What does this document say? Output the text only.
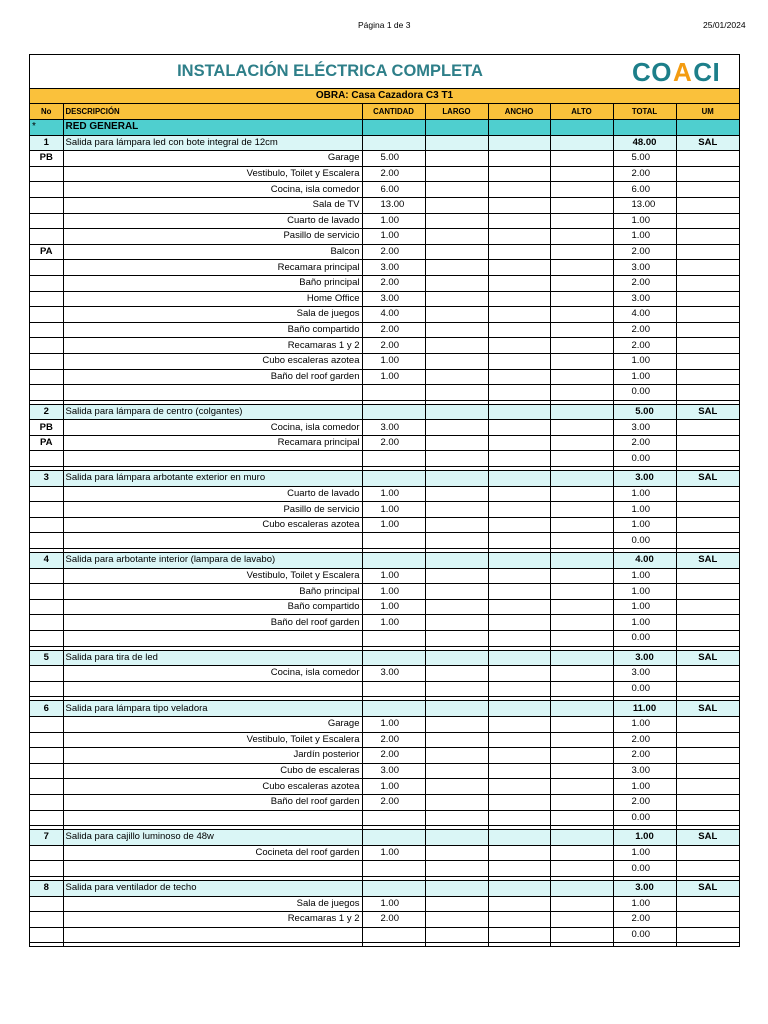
Página 1 de 3	25/01/2024
INSTALACIÓN ELÉCTRICA COMPLETA	CO A CI
OBRA: Casa Cazadora C3 T1
No	DESCRIPCIÓN	CANTIDAD	LARGO	ANCHO	ALTO	TOTAL	UM
*	RED GENERAL						
1	Salida para lámpara led con bote integral de 12cm					48.00	SAL
PB	Garage	5.00				5.00	
	Vestibulo, Toilet y Escalera	2.00				2.00	
	Cocina, isla comedor	6.00				6.00	
	Sala de TV	13.00				13.00	
	Cuarto de lavado	1.00				1.00	
	Pasillo de servicio	1.00				1.00	
PA	Balcon	2.00				2.00	
	Recamara principal	3.00				3.00	
	Baño principal	2.00				2.00	
	Home Office	3.00				3.00	
	Sala de juegos	4.00				4.00	
	Baño compartido	2.00				2.00	
	Recamaras 1 y 2	2.00				2.00	
	Cubo escaleras azotea	1.00				1.00	
	Baño del roof garden	1.00				1.00	
						0.00	

2	Salida para lámpara de centro (colgantes)					5.00	SAL
PB	Cocina, isla comedor	3.00				3.00	
PA	Recamara principal	2.00				2.00	
						0.00	

3	Salida para lámpara arbotante exterior en muro					3.00	SAL
	Cuarto de lavado	1.00				1.00	
	Pasillo de servicio	1.00				1.00	
	Cubo escaleras azotea	1.00				1.00	
						0.00	

4	Salida para arbotante interior (lampara de lavabo)					4.00	SAL
	Vestibulo, Toilet y Escalera	1.00				1.00	
	Baño principal	1.00				1.00	
	Baño compartido	1.00				1.00	
	Baño del roof garden	1.00				1.00	
						0.00	

5	Salida para tira de led					3.00	SAL
	Cocina, isla comedor	3.00				3.00	
						0.00	

6	Salida para lámpara tipo veladora					11.00	SAL
	Garage	1.00				1.00	
	Vestibulo, Toilet y Escalera	2.00				2.00	
	Jardín posterior	2.00				2.00	
	Cubo de escaleras	3.00				3.00	
	Cubo escaleras azotea	1.00				1.00	
	Baño del roof garden	2.00				2.00	
						0.00	

7	Salida para cajillo luminoso de 48w					1.00	SAL
	Cocineta del roof garden	1.00				1.00	
						0.00	

8	Salida para ventilador de techo					3.00	SAL
	Sala de juegos	1.00				1.00	
	Recamaras 1 y 2	2.00				2.00	
						0.00	
